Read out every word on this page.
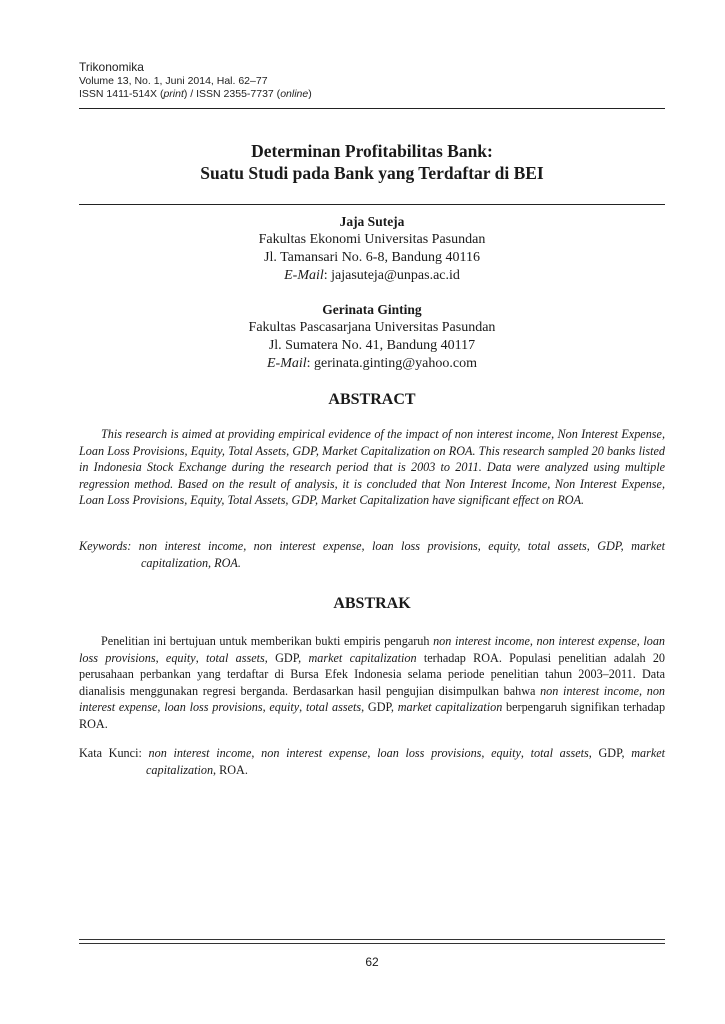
Trikonomika
Volume 13, No. 1, Juni 2014, Hal. 62–77
ISSN 1411-514X (print) / ISSN 2355-7737 (online)
Determinan Profitabilitas Bank:
Suatu Studi pada Bank yang Terdaftar di BEI
Jaja Suteja
Fakultas Ekonomi Universitas Pasundan
Jl. Tamansari No. 6-8, Bandung 40116
E-Mail: jajasuteja@unpas.ac.id
Gerinata Ginting
Fakultas Pascasarjana Universitas Pasundan
Jl. Sumatera No. 41, Bandung 40117
E-Mail: gerinata.ginting@yahoo.com
ABSTRACT

This research is aimed at providing empirical evidence of the impact of non interest income, Non Interest Expense, Loan Loss Provisions, Equity, Total Assets, GDP, Market Capitalization on ROA. This research sampled 20 banks listed in Indonesia Stock Exchange during the research period that is 2003 to 2011. Data were analyzed using multiple regression method. Based on the result of analysis, it is concluded that Non Interest Income, Non Interest Expense, Loan Loss Provisions, Equity, Total Assets, GDP, Market Capitalization have significant effect on ROA.

Keywords: non interest income, non interest expense, loan loss provisions, equity, total assets, GDP, market capitalization, ROA.

ABSTRAK

Penelitian ini bertujuan untuk memberikan bukti empiris pengaruh non interest income, non interest expense, loan loss provisions, equity, total assets, GDP, market capitalization terhadap ROA. Populasi penelitian adalah 20 perusahaan perbankan yang terdaftar di Bursa Efek Indonesia selama periode penelitian tahun 2003–2011. Data dianalisis menggunakan regresi berganda. Berdasarkan hasil pengujian disimpulkan bahwa non interest income, non interest expense, loan loss provisions, equity, total assets, GDP, market capitalization berpengaruh signifikan terhadap ROA.

Kata Kunci: non interest income, non interest expense, loan loss provisions, equity, total assets, GDP, market capitalization, ROA.

62
